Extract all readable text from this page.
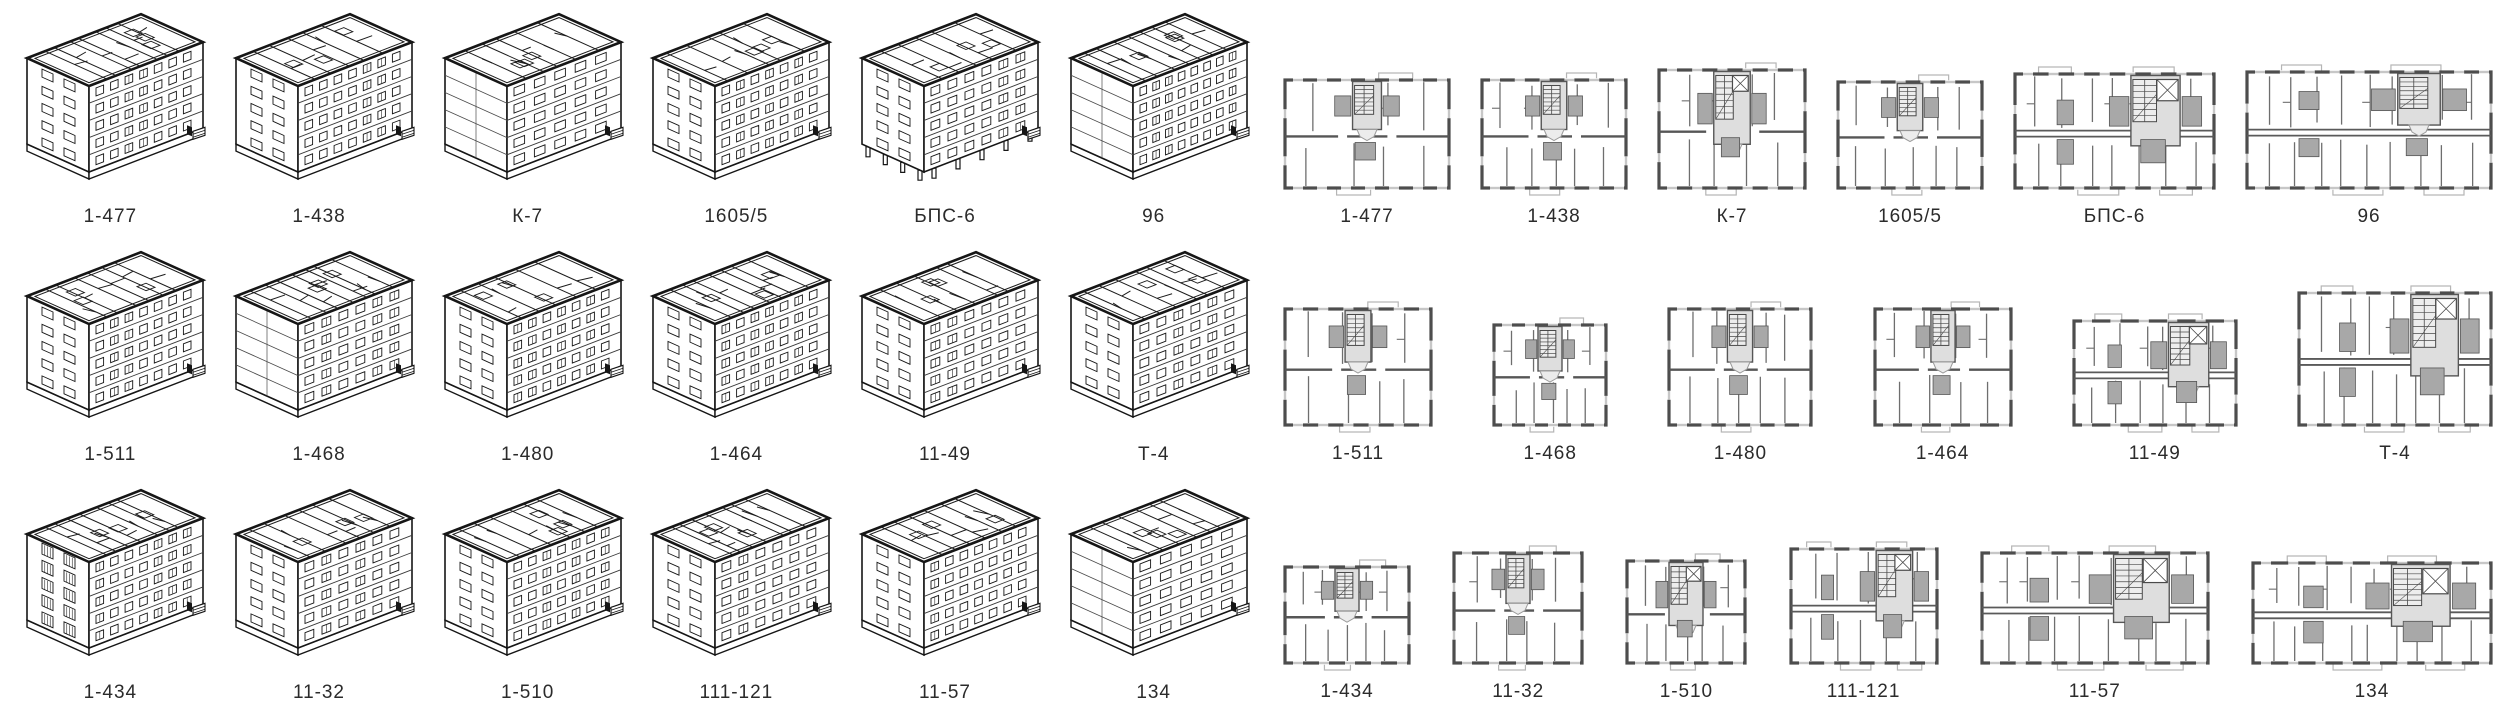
1-477	1-438	К-7	1605/5	БПС-6	96
1-511	1-468	1-480	1-464	11-49	Т-4
1-434	11-32	1-510	111-121	11-57	134
1-477	1-438	К-7	1605/5	БПС-6	96
1-511	1-468	1-480	1-464	11-49	Т-4
1-434	11-32	1-510	111-121	11-57	134
